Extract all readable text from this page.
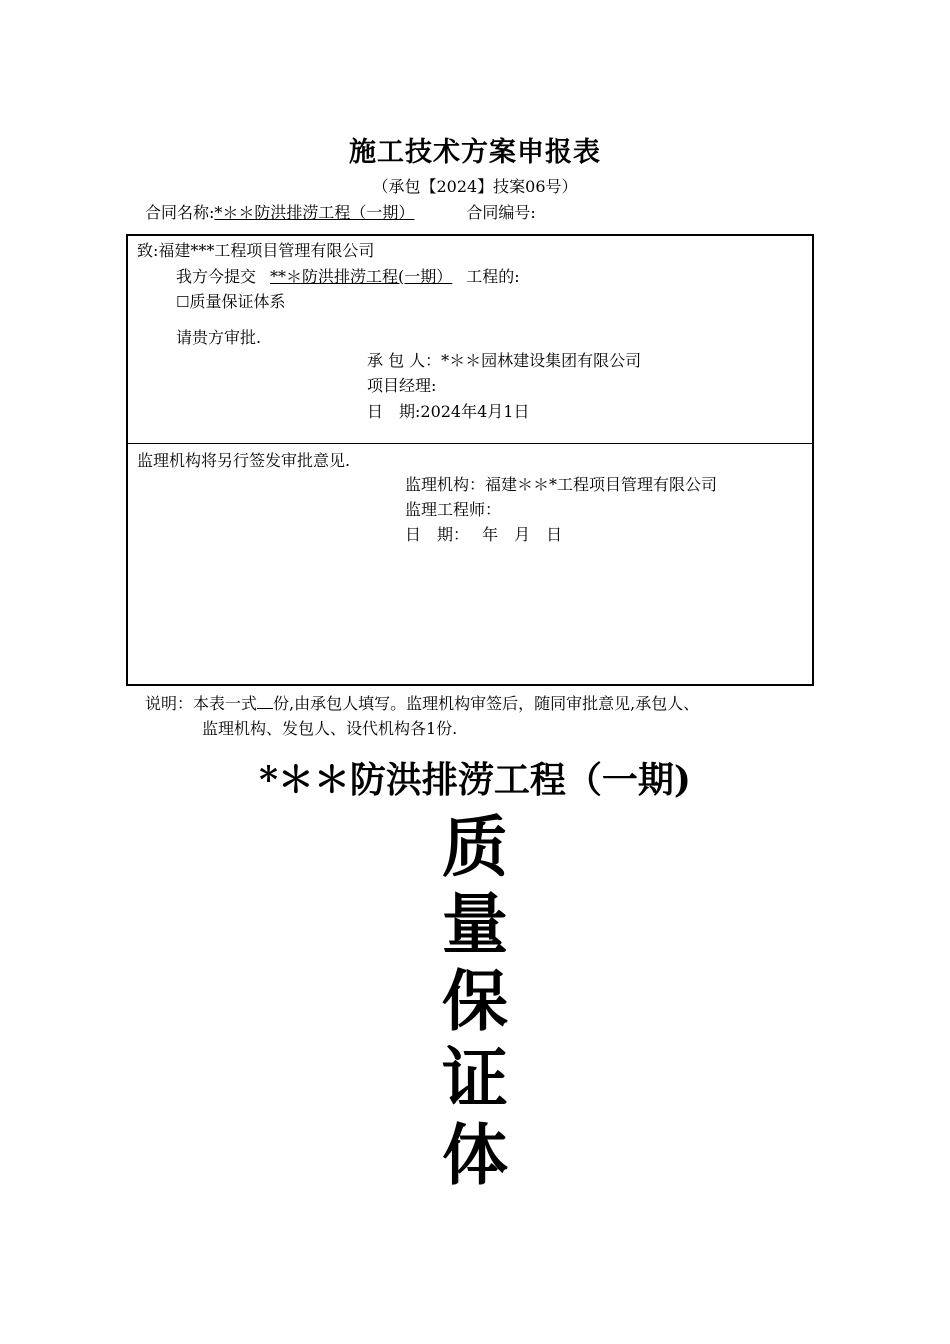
施工技术方案申报表
（承包【2024】技案06号）
合同名称:*＊＊防洪排涝工程（一期）	合同编号:
致:福建***工程项目管理有限公司
我方今提交 **＊防洪排涝工程(一期） 工程的:
☐质量保证体系
请贵方审批.
承 包 人：*＊＊园林建设集团有限公司
项目经理:
日　期:2024年4月1日
监理机构将另行签发审批意见.
监理机构：福建＊＊*工程项目管理有限公司
监理工程师：
日　期：　 年　月　日
说明：本表一式 份,由承包人填写。监理机构审签后，随同审批意见,承包人、
监理机构、发包人、设代机构各1份.
*＊＊防洪排涝工程（一期)
质
量
保
证
体
